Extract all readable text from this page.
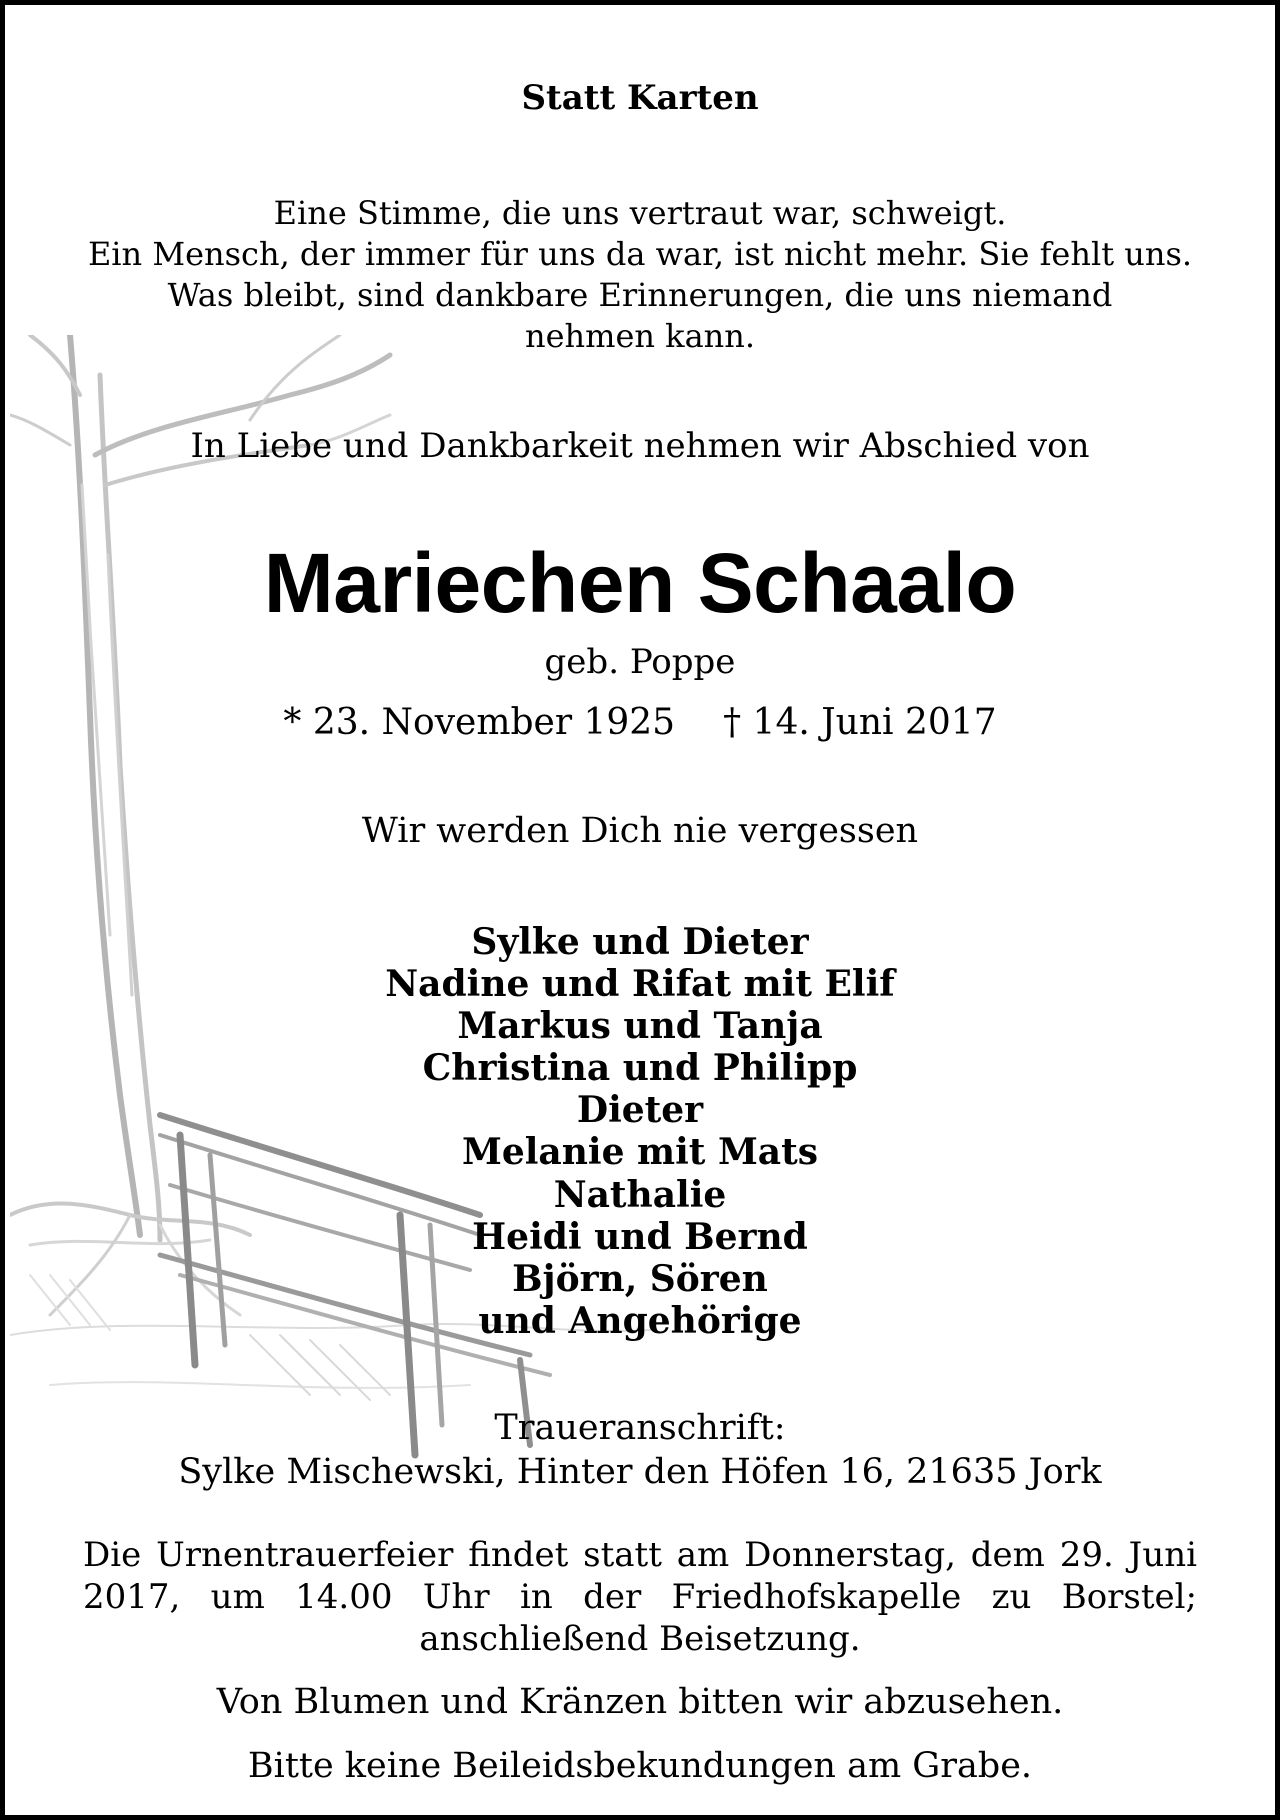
Statt Karten
Eine Stimme, die uns vertraut war, schweigt.
Ein Mensch, der immer für uns da war, ist nicht mehr. Sie fehlt uns.
Was bleibt, sind dankbare Erinnerungen, die uns niemand
nehmen kann.
In Liebe und Dankbarkeit nehmen wir Abschied von
Mariechen Schaalo
geb. Poppe
* 23. November 1925 † 14. Juni 2017
Wir werden Dich nie vergessen
Sylke und Dieter
Nadine und Rifat mit Elif
Markus und Tanja
Christina und Philipp
Dieter
Melanie mit Mats
Nathalie
Heidi und Bernd
Björn, Sören
und Angehörige
Traueranschrift:
Sylke Mischewski, Hinter den Höfen 16, 21635 Jork
Die Urnentrauerfeier findet statt am Donnerstag, dem 29. Juni 2017, um 14.00 Uhr in der Friedhofskapelle zu Borstel; anschließend Beisetzung.
Von Blumen und Kränzen bitten wir abzusehen.
Bitte keine Beileidsbekundungen am Grabe.
